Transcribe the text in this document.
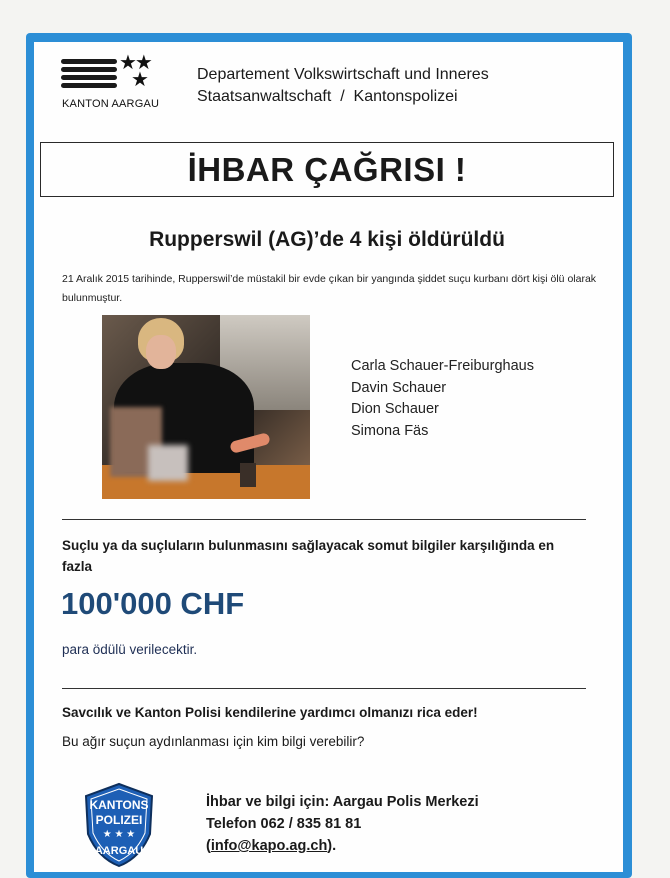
★★
★
KANTON AARGAU
Departement Volkswirtschaft und Inneres
Staatsanwaltschaft  /  Kantonspolizei
İHBAR ÇAĞRISI !
Rupperswil (AG)’de 4 kişi öldürüldü
21 Aralık 2015 tarihinde, Rupperswil’de müstakil bir evde çıkan bir yangında şiddet suçu kurbanı dört kişi ölü olarak bulunmuştur.
Carla Schauer-Freiburghaus
Davin Schauer
Dion Schauer
Simona Fäs
Suçlu ya da suçluların bulunmasını sağlayacak somut bilgiler karşılığında en fazla
100'000 CHF
para ödülü verilecektir.
Savcılık ve Kanton Polisi kendilerine yardımcı olmanızı rica eder!
Bu ağır suçun aydınlanması için kim bilgi verebilir?
KANTONS
POLIZEI
★ ★ ★
AARGAU
İhbar ve bilgi için: Aargau Polis Merkezi
Telefon 062 / 835 81 81
(info@kapo.ag.ch).
